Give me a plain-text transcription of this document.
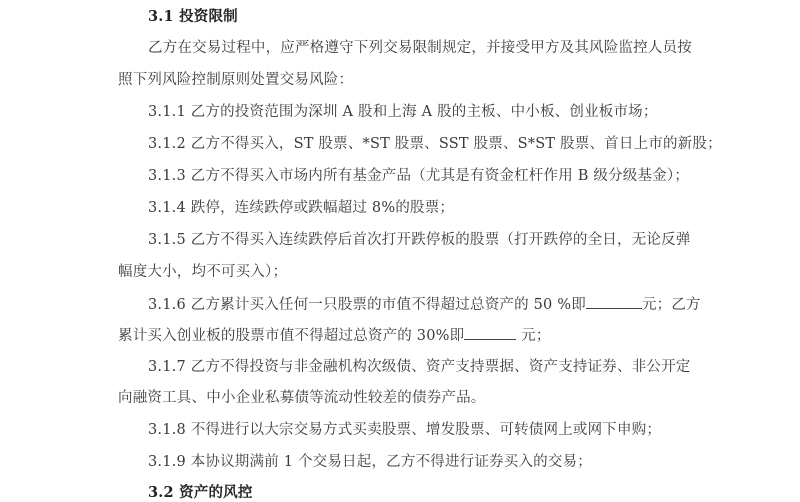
3.1 投资限制
乙方在交易过程中，应严格遵守下列交易限制规定，并接受甲方及其风险监控人员按
照下列风险控制原则处置交易风险：
3.1.1 乙方的投资范围为深圳 A 股和上海 A 股的主板、中小板、创业板市场；
3.1.2 乙方不得买入，ST 股票、*ST 股票、SST 股票、S*ST 股票、首日上市的新股；
3.1.3 乙方不得买入市场内所有基金产品（尤其是有资金杠杆作用 B 级分级基金）；
3.1.4 跌停，连续跌停或跌幅超过 8%的股票；
3.1.5 乙方不得买入连续跌停后首次打开跌停板的股票（打开跌停的全日，无论反弹
幅度大小，均不可买入）；
3.1.6 乙方累计买入任何一只股票的市值不得超过总资产的 50 %即	元；乙方
累计买入创业板的股票市值不得超过总资产的 30%即	元；
3.1.7 乙方不得投资与非金融机构次级债、资产支持票据、资产支持证券、非公开定
向融资工具、中小企业私募债等流动性较差的债券产品。
3.1.8 不得进行以大宗交易方式买卖股票、增发股票、可转债网上或网下申购；
3.1.9 本协议期满前 1 个交易日起，乙方不得进行证券买入的交易；
3.2 资产的风控
